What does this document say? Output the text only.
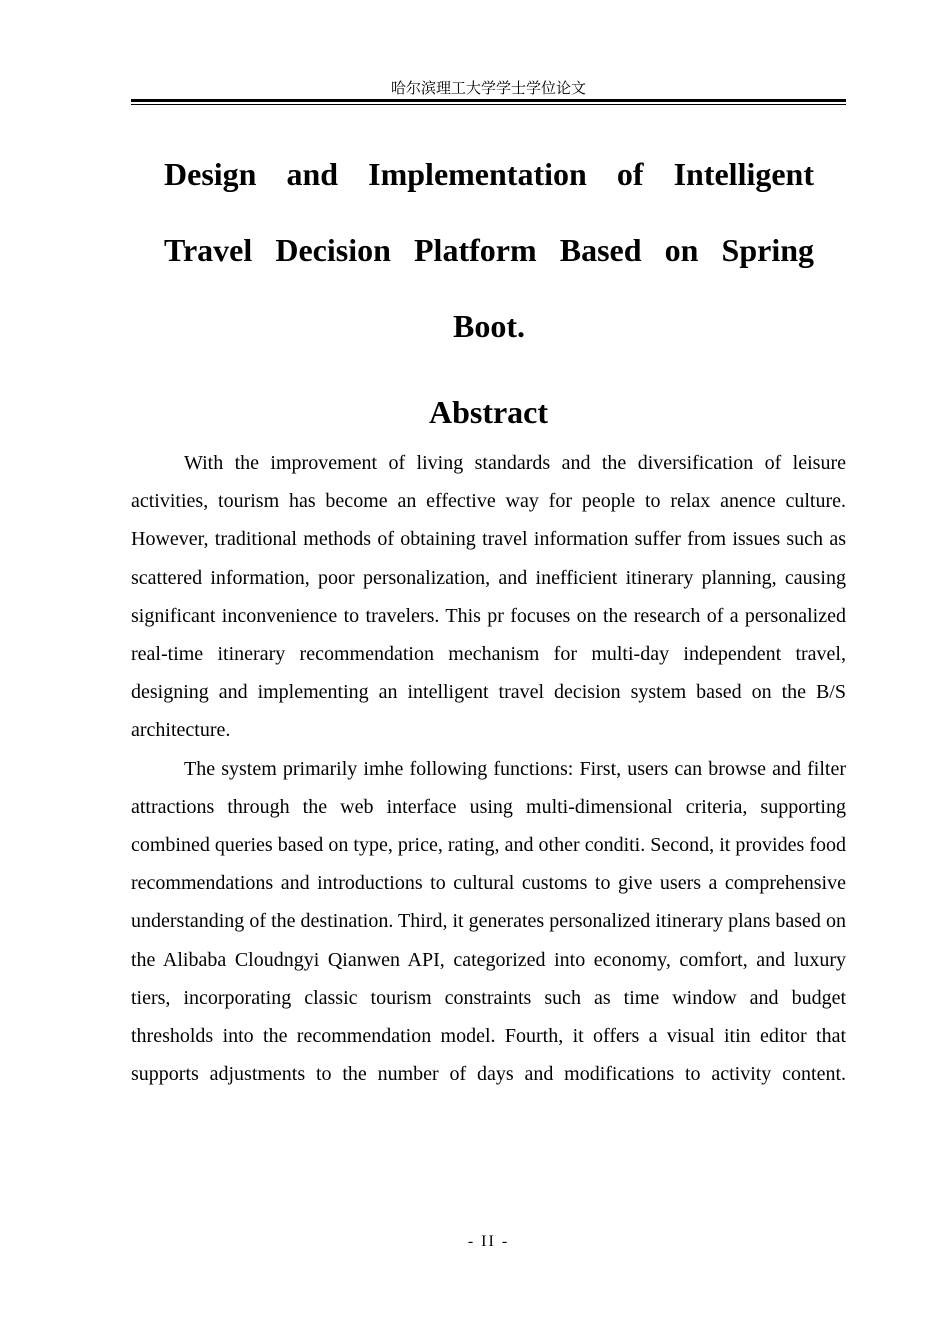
哈尔滨理工大学学士学位论文
Design and Implementation of Intelligent Travel Decision Platform Based on Spring Boot.
Abstract

With the improvement of living standards and the diversification of leisure activities, tourism has become an effective way for people to relax anence culture. However, traditional methods of obtaining travel information suffer from issues such as scattered information, poor personalization, and inefficient itinerary planning, causing significant inconvenience to travelers. This pr focuses on the research of a personalized real-time itinerary recommendation mechanism for multi-day independent travel, designing and implementing an intelligent travel decision system based on the B/S architecture.

The system primarily imhe following functions: First, users can browse and filter attractions through the web interface using multi-dimensional criteria, supporting combined queries based on type, price, rating, and other conditi. Second, it provides food recommendations and introductions to cultural customs to give users a comprehensive understanding of the destination. Third, it generates personalized itinerary plans based on the Alibaba Cloudngyi Qianwen API, categorized into economy, comfort, and luxury tiers, incorporating classic tourism constraints such as time window and budget thresholds into the recommendation model. Fourth, it offers a visual itin editor that supports adjustments to the number of days and modifications to activity content.

- II -
